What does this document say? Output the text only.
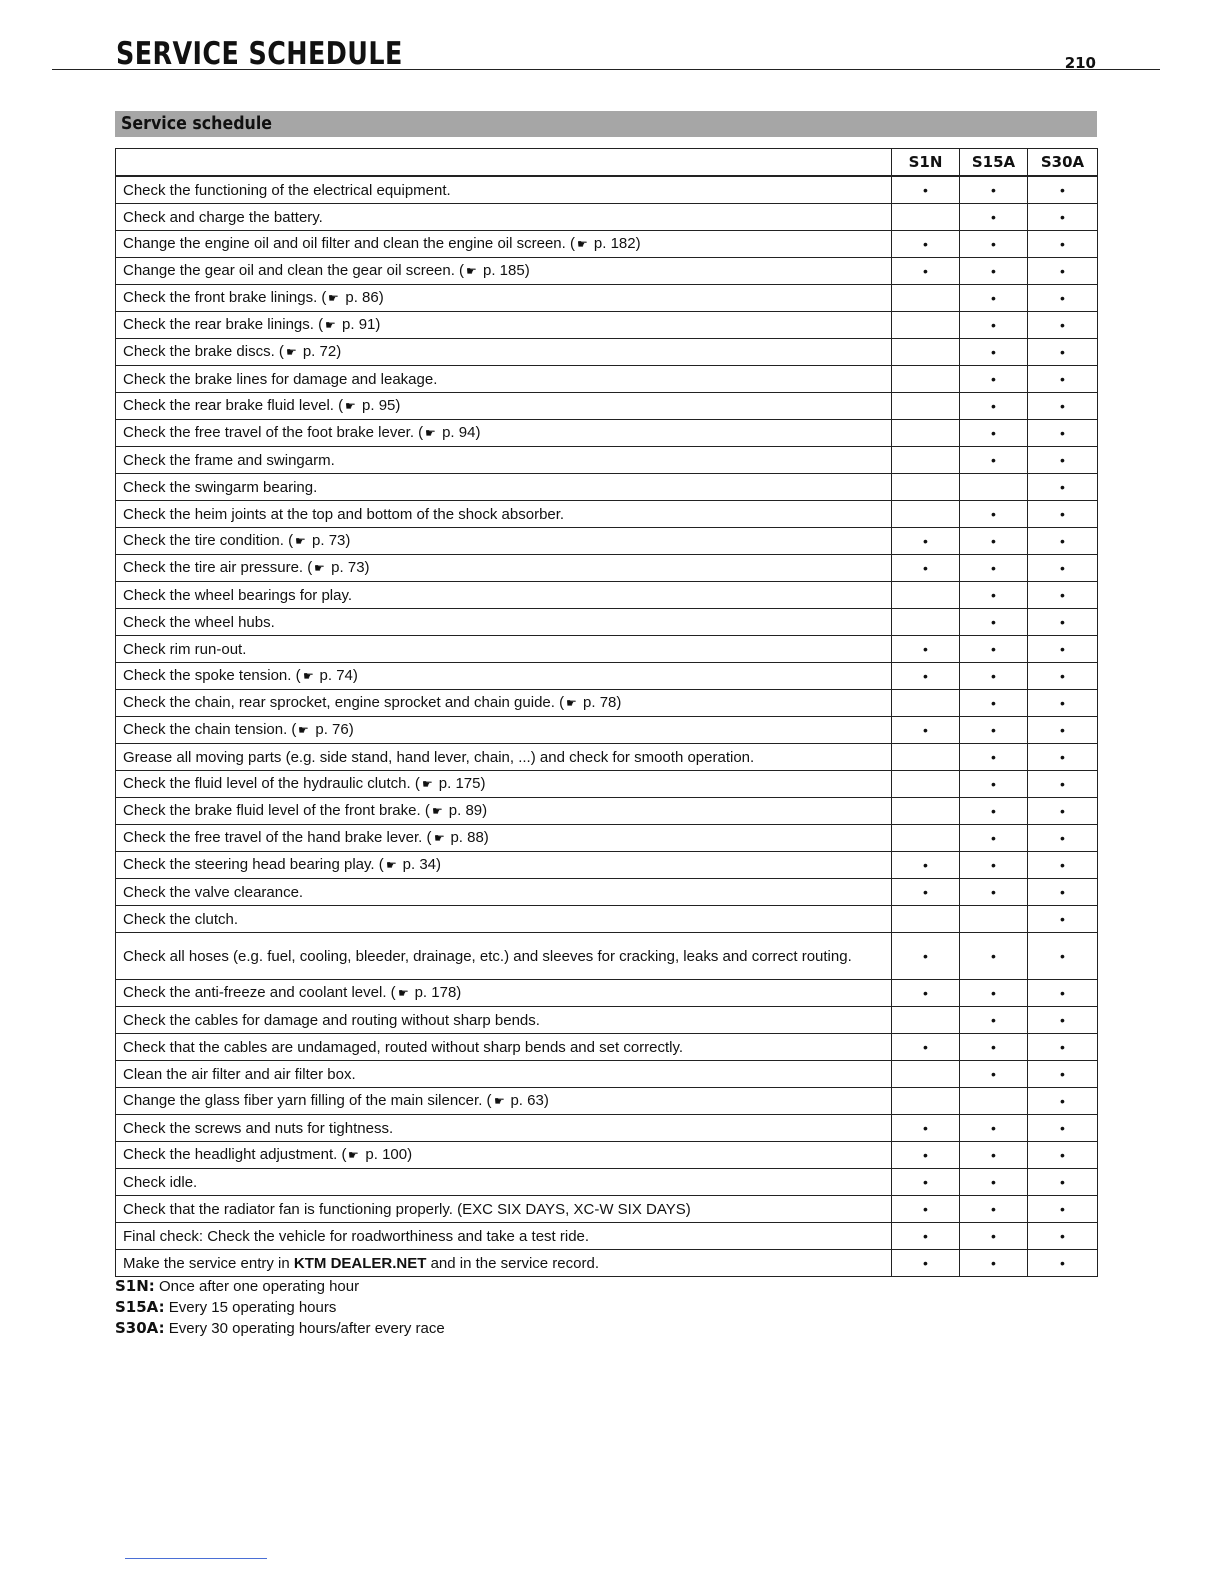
SERVICE SCHEDULE	210
Service schedule
	S1N	S15A	S30A
Check the functioning of the electrical equipment.	•	•	•
Check and charge the battery.		•	•
Change the engine oil and oil filter and clean the engine oil screen. ( ☚ p. 182)	•	•	•
Change the gear oil and clean the gear oil screen. ( ☚ p. 185)	•	•	•
Check the front brake linings. ( ☚ p. 86)		•	•
Check the rear brake linings. ( ☚ p. 91)		•	•
Check the brake discs. ( ☚ p. 72)		•	•
Check the brake lines for damage and leakage.		•	•
Check the rear brake fluid level. ( ☚ p. 95)		•	•
Check the free travel of the foot brake lever. ( ☚ p. 94)		•	•
Check the frame and swingarm.		•	•
Check the swingarm bearing.			•
Check the heim joints at the top and bottom of the shock absorber.		•	•
Check the tire condition. ( ☚ p. 73)	•	•	•
Check the tire air pressure. ( ☚ p. 73)	•	•	•
Check the wheel bearings for play.		•	•
Check the wheel hubs.		•	•
Check rim run-out.	•	•	•
Check the spoke tension. ( ☚ p. 74)	•	•	•
Check the chain, rear sprocket, engine sprocket and chain guide. ( ☚ p. 78)		•	•
Check the chain tension. ( ☚ p. 76)	•	•	•
Grease all moving parts (e.g. side stand, hand lever, chain, ...) and check for smooth operation.		•	•
Check the fluid level of the hydraulic clutch. ( ☚ p. 175)		•	•
Check the brake fluid level of the front brake. ( ☚ p. 89)		•	•
Check the free travel of the hand brake lever. ( ☚ p. 88)		•	•
Check the steering head bearing play. ( ☚ p. 34)	•	•	•
Check the valve clearance.	•	•	•
Check the clutch.			•
Check all hoses (e.g. fuel, cooling, bleeder, drainage, etc.) and sleeves for cracking, leaks and correct routing.	•	•	•
Check the anti-freeze and coolant level. ( ☚ p. 178)	•	•	•
Check the cables for damage and routing without sharp bends.		•	•
Check that the cables are undamaged, routed without sharp bends and set correctly.	•	•	•
Clean the air filter and air filter box.		•	•
Change the glass fiber yarn filling of the main silencer. ( ☚ p. 63)			•
Check the screws and nuts for tightness.	•	•	•
Check the headlight adjustment. ( ☚ p. 100)	•	•	•
Check idle.	•	•	•
Check that the radiator fan is functioning properly. (EXC SIX DAYS, XC-W SIX DAYS)	•	•	•
Final check: Check the vehicle for roadworthiness and take a test ride.	•	•	•
Make the service entry in KTM DEALER.NET and in the service record.	•	•	•
S1N: Once after one operating hour
S15A: Every 15 operating hours
S30A: Every 30 operating hours/after every race
